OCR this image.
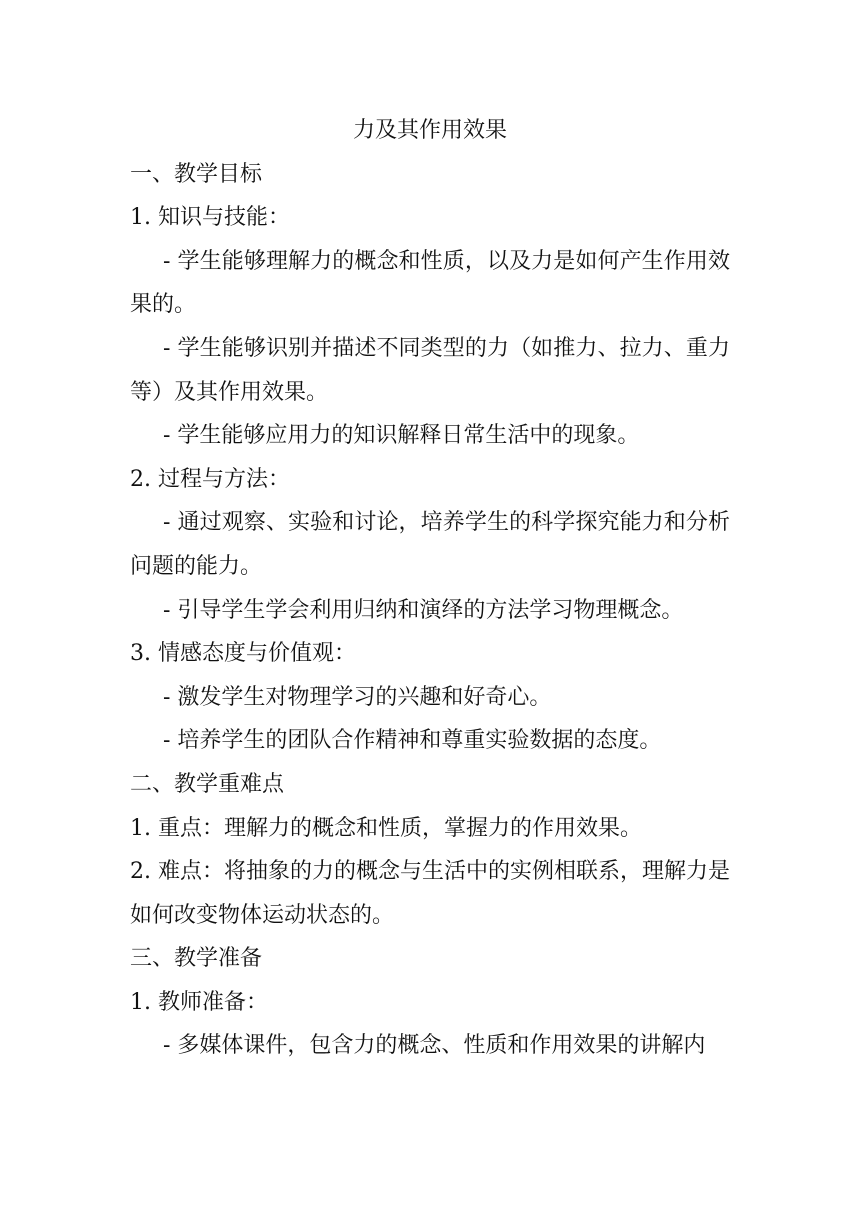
力及其作用效果
一、教学目标
1. 知识与技能：
- 学生能够理解力的概念和性质，以及力是如何产生作用效果的。
- 学生能够识别并描述不同类型的力（如推力、拉力、重力等）及其作用效果。
- 学生能够应用力的知识解释日常生活中的现象。
2. 过程与方法：
- 通过观察、实验和讨论，培养学生的科学探究能力和分析问题的能力。
- 引导学生学会利用归纳和演绎的方法学习物理概念。
3. 情感态度与价值观：
- 激发学生对物理学习的兴趣和好奇心。
- 培养学生的团队合作精神和尊重实验数据的态度。
二、教学重难点
1. 重点：理解力的概念和性质，掌握力的作用效果。
2. 难点：将抽象的力的概念与生活中的实例相联系，理解力是如何改变物体运动状态的。
三、教学准备
1. 教师准备：
- 多媒体课件，包含力的概念、性质和作用效果的讲解内
